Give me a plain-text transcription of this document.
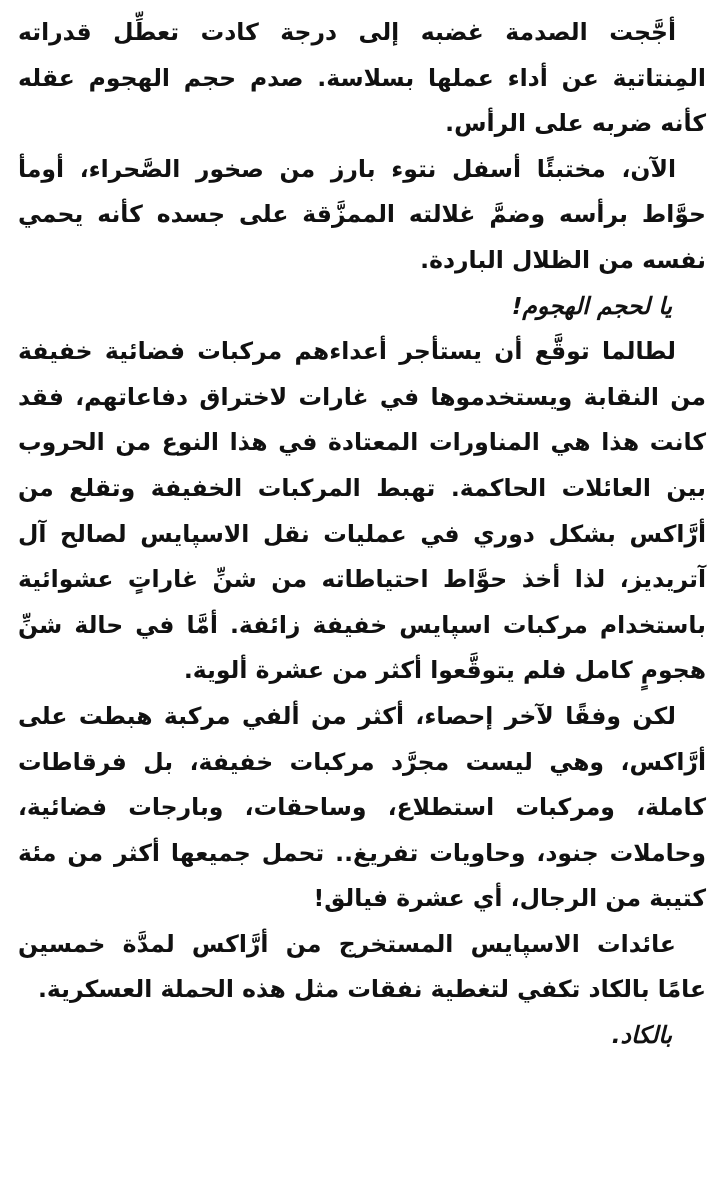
أجَّجت الصدمة غضبه إلى درجة كادت تعطِّل قدراته المِنتاتية عن أداء عملها بسلاسة. صدم حجم الهجوم عقله كأنه ضربه على الرأس.

الآن، مختبئًا أسفل نتوء بارز من صخور الصَّحراء، أومأ حوَّاط برأسه وضمَّ غلالته الممزَّقة على جسده كأنه يحمي نفسه من الظلال الباردة.

يا لحجم الهجوم!

لطالما توقَّع أن يستأجر أعداءهم مركبات فضائية خفيفة من النقابة ويستخدموها في غارات لاختراق دفاعاتهم، فقد كانت هذا هي المناورات المعتادة في هذا النوع من الحروب بين العائلات الحاكمة. تهبط المركبات الخفيفة وتقلع من أرَّاكس بشكل دوري في عمليات نقل الاسپايس لصالح آل آتريديز، لذا أخذ حوَّاط احتياطاته من شنِّ غاراتٍ عشوائية باستخدام مركبات اسپايس خفيفة زائفة. أمَّا في حالة شنِّ هجومٍ كامل فلم يتوقَّعوا أكثر من عشرة ألوية.

لكن وفقًا لآخر إحصاء، أكثر من ألفي مركبة هبطت على أرَّاكس، وهي ليست مجرَّد مركبات خفيفة، بل فرقاطات كاملة، ومركبات استطلاع، وساحقات، وبارجات فضائية، وحاملات جنود، وحاويات تفريغ.. تحمل جميعها أكثر من مئة كتيبة من الرجال، أي عشرة فيالق!

عائدات الاسپايس المستخرج من أرَّاكس لمدَّة خمسين عامًا بالكاد تكفي لتغطية نفقات مثل هذه الحملة العسكرية.

بالكاد.
